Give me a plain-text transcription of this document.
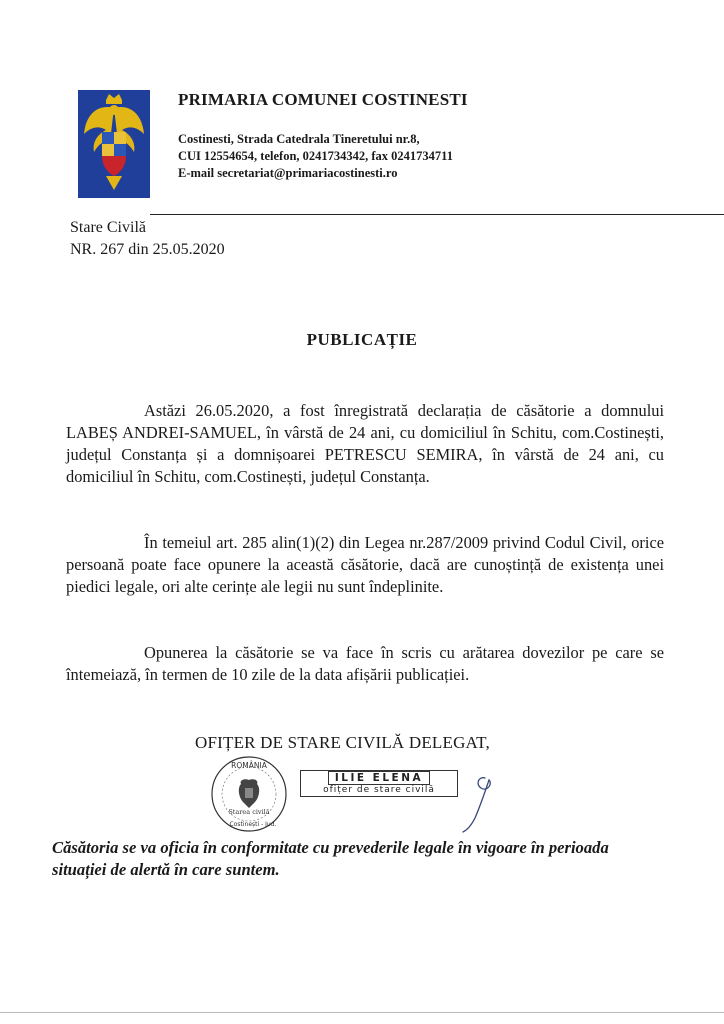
PRIMARIA COMUNEI COSTINESTI
Costinesti, Strada Catedrala Tineretului nr.8,
CUI 12554654, telefon, 0241734342, fax 0241734711
E-mail secretariat@primariacostinesti.ro
Stare Civilă
NR. 267 din 25.05.2020
PUBLICAȚIE

Astăzi 26.05.2020, a fost înregistrată declarația de căsătorie a domnului LABEȘ ANDREI-SAMUEL, în vârstă de 24 ani, cu domiciliul în Schitu, com.Costinești, județul Constanța și a domnișoarei PETRESCU SEMIRA, în vârstă de 24 ani, cu domiciliul în Schitu, com.Costinești, județul Constanța.

În temeiul art. 285 alin(1)(2) din Legea nr.287/2009 privind Codul Civil, orice persoană poate face opunere la această căsătorie, dacă are cunoștință de existența unei piedici legale, ori alte cerințe ale legii nu sunt îndeplinite.

Opunerea la căsătorie se va face în scris cu arătarea dovezilor pe care se întemeiază, în termen de 10 zile de la data afișării publicației.

OFIȚER DE STARE CIVILĂ DELEGAT,
ROMÂNIA
Starea civilă
Costinești - Jud.
ILIE ELENA
ofițer de stare civilă
Căsătoria se va oficia în conformitate cu prevederile legale în vigoare în perioada situației de alertă în care suntem.
